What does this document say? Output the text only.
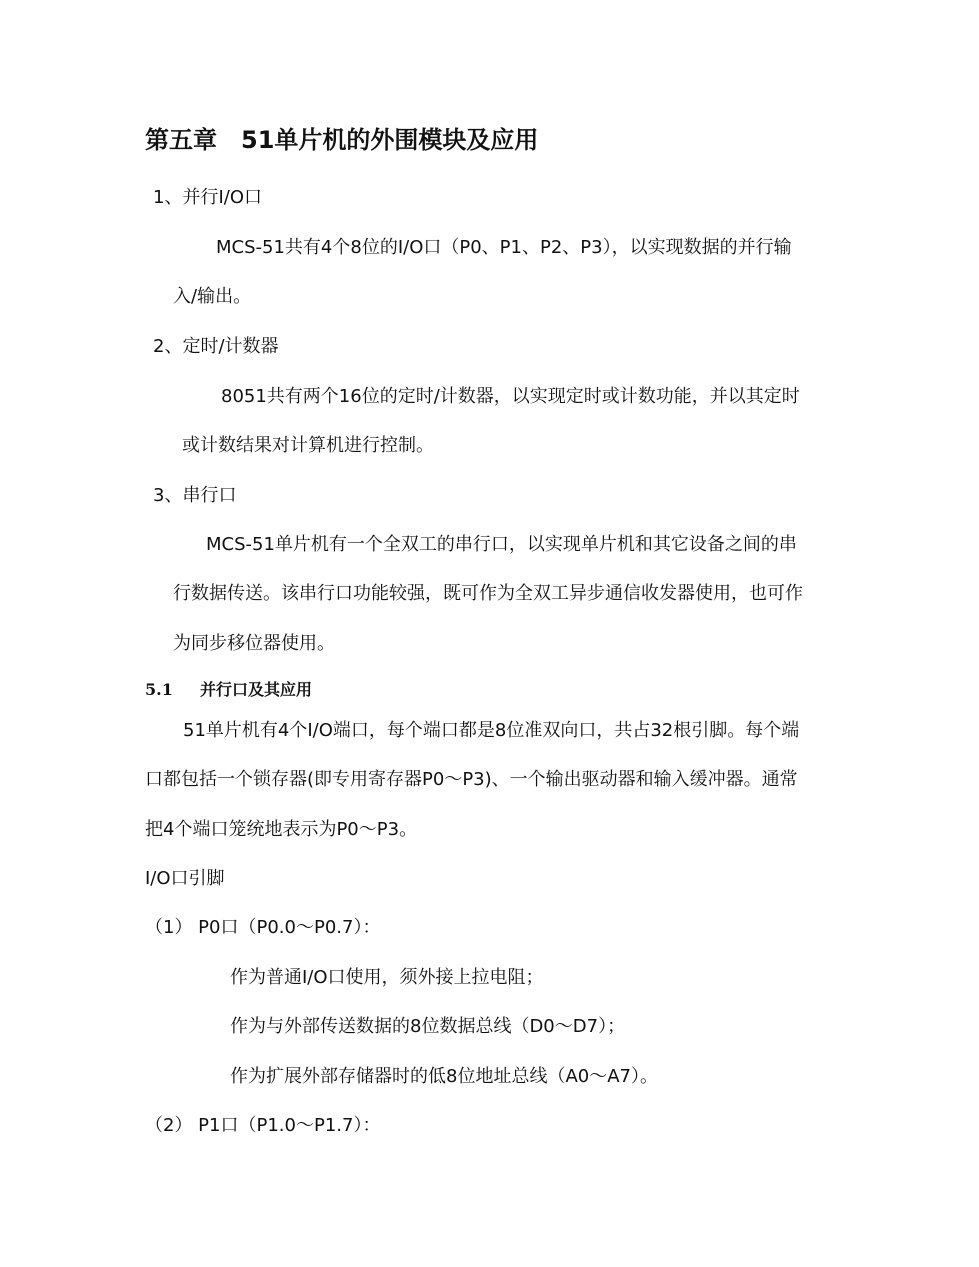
第五章　51单片机的外围模块及应用
1、并行I/O口
MCS-51共有4个8位的I/O口（P0、P1、P2、P3），以实现数据的并行输
入/输出。
2、定时/计数器
8051共有两个16位的定时/计数器，以实现定时或计数功能，并以其定时
或计数结果对计算机进行控制。
3、串行口
MCS-51单片机有一个全双工的串行口，以实现单片机和其它设备之间的串
行数据传送。该串行口功能较强，既可作为全双工异步通信收发器使用，也可作
为同步移位器使用。
5.1 并行口及其应用
51单片机有4个I/O端口，每个端口都是8位准双向口，共占32根引脚。每个端
口都包括一个锁存器(即专用寄存器P0～P3)、一个输出驱动器和输入缓冲器。通常
把4个端口笼统地表示为P0～P3。
I/O口引脚
（1） P0口（P0.0～P0.7）：
作为普通I/O口使用，须外接上拉电阻；
作为与外部传送数据的8位数据总线（D0～D7）；
作为扩展外部存储器时的低8位地址总线（A0～A7）。
（2） P1口（P1.0～P1.7）：
